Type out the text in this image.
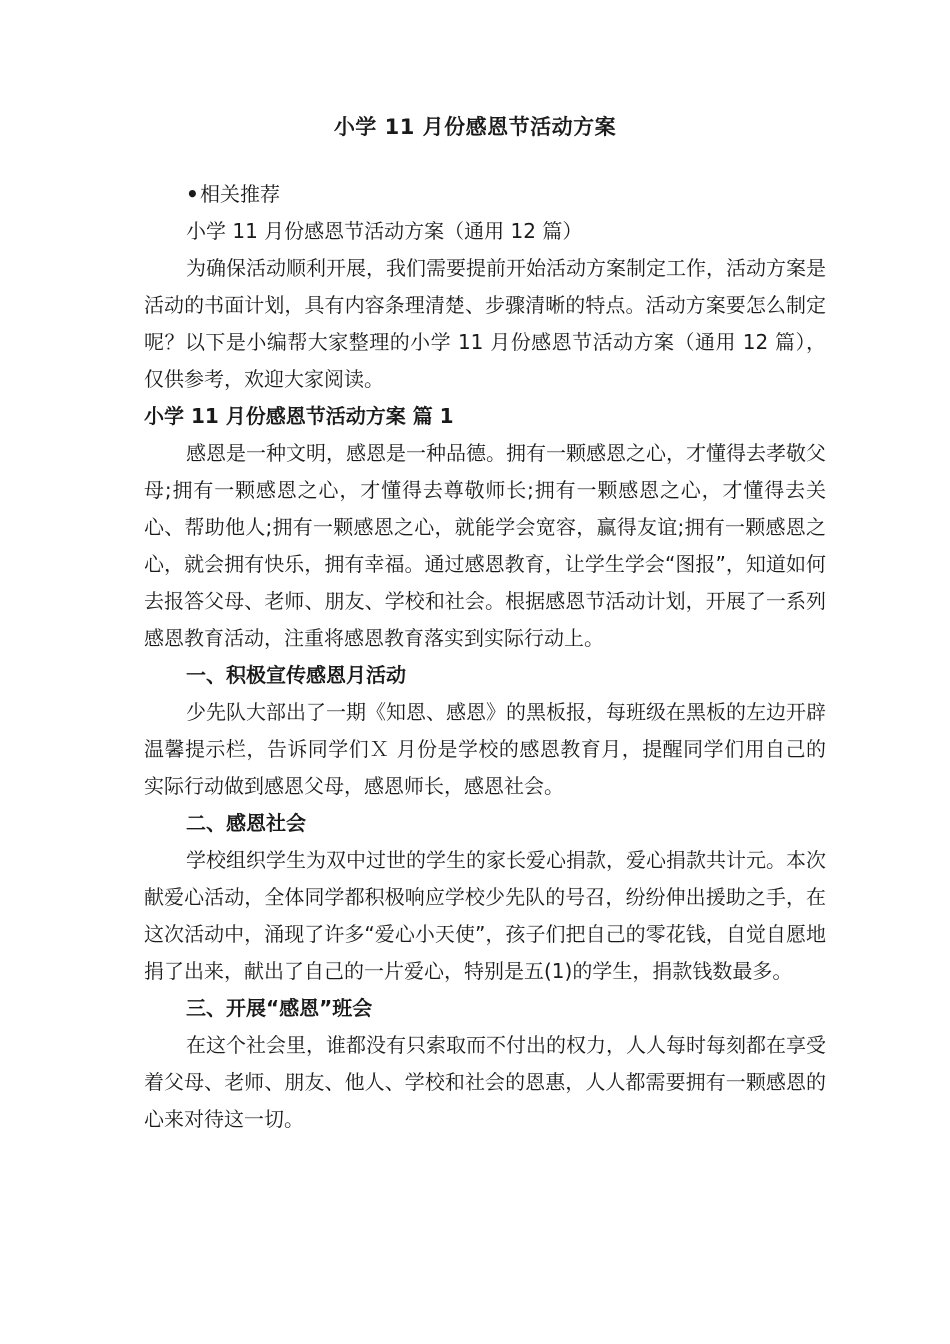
小学 11 月份感恩节活动方案

• 相关推荐

小学 11 月份感恩节活动方案（通用 12 篇）

为确保活动顺利开展，我们需要提前开始活动方案制定工作，活动方案是活动的书面计划，具有内容条理清楚、步骤清晰的特点。活动方案要怎么制定呢？以下是小编帮大家整理的小学 11 月份感恩节活动方案（通用 12 篇），仅供参考，欢迎大家阅读。

小学 11 月份感恩节活动方案 篇 1

感恩是一种文明，感恩是一种品德。拥有一颗感恩之心，才懂得去孝敬父母;拥有一颗感恩之心，才懂得去尊敬师长;拥有一颗感恩之心，才懂得去关心、帮助他人;拥有一颗感恩之心，就能学会宽容，赢得友谊;拥有一颗感恩之心，就会拥有快乐，拥有幸福。通过感恩教育，让学生学会“图报”，知道如何去报答父母、老师、朋友、学校和社会。根据感恩节活动计划，开展了一系列感恩教育活动，注重将感恩教育落实到实际行动上。

一、积极宣传感恩月活动

少先队大部出了一期《知恩、感恩》的黑板报，每班级在黑板的左边开辟温馨提示栏，告诉同学们Ｘ 月份是学校的感恩教育月，提醒同学们用自己的实际行动做到感恩父母，感恩师长，感恩社会。

二、感恩社会

学校组织学生为双中过世的学生的家长爱心捐款，爱心捐款共计元。本次献爱心活动，全体同学都积极响应学校少先队的号召，纷纷伸出援助之手，在这次活动中，涌现了许多“爱心小天使”，孩子们把自己的零花钱，自觉自愿地捐了出来，献出了自己的一片爱心，特别是五(1)的学生，捐款钱数最多。

三、开展“感恩”班会

在这个社会里，谁都没有只索取而不付出的权力，人人每时每刻都在享受着父母、老师、朋友、他人、学校和社会的恩惠，人人都需要拥有一颗感恩的心来对待这一切。
